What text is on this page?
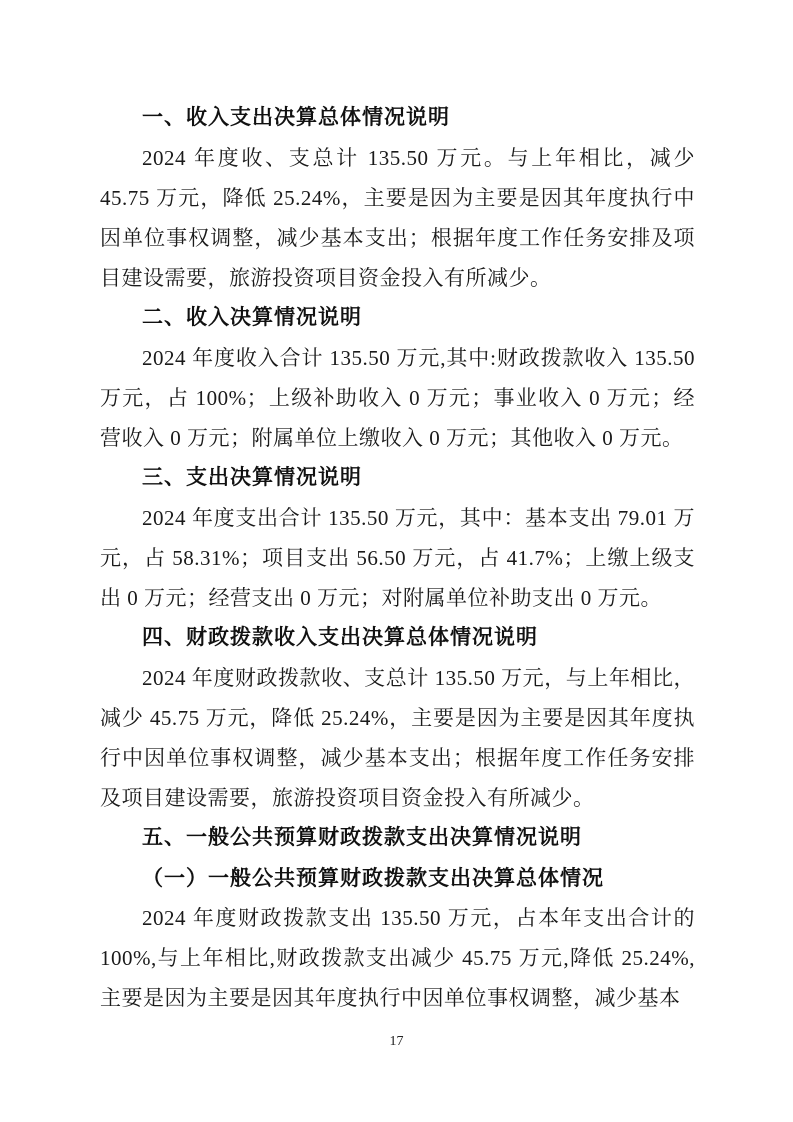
一、收入支出决算总体情况说明

2024 年度收、支总计 135.50 万元。与上年相比，减少 45.75 万元，降低 25.24%，主要是因为主要是因其年度执行中因单位事权调整，减少基本支出；根据年度工作任务安排及项目建设需要，旅游投资项目资金投入有所减少。

二、收入决算情况说明

2024 年度收入合计 135.50 万元,其中:财政拨款收入 135.50 万元，占 100%；上级补助收入 0 万元；事业收入 0 万元；经营收入 0 万元；附属单位上缴收入 0 万元；其他收入 0 万元。

三、支出决算情况说明

2024 年度支出合计 135.50 万元，其中：基本支出 79.01 万元，占 58.31%；项目支出 56.50 万元，占 41.7%；上缴上级支出 0 万元；经营支出 0 万元；对附属单位补助支出 0 万元。

四、财政拨款收入支出决算总体情况说明

2024 年度财政拨款收、支总计 135.50 万元，与上年相比，减少 45.75 万元，降低 25.24%，主要是因为主要是因其年度执行中因单位事权调整，减少基本支出；根据年度工作任务安排及项目建设需要，旅游投资项目资金投入有所减少。

五、一般公共预算财政拨款支出决算情况说明
（一）一般公共预算财政拨款支出决算总体情况

2024 年度财政拨款支出 135.50 万元，占本年支出合计的 100%,与上年相比,财政拨款支出减少 45.75 万元,降低 25.24%,主要是因为主要是因其年度执行中因单位事权调整，减少基本

17
